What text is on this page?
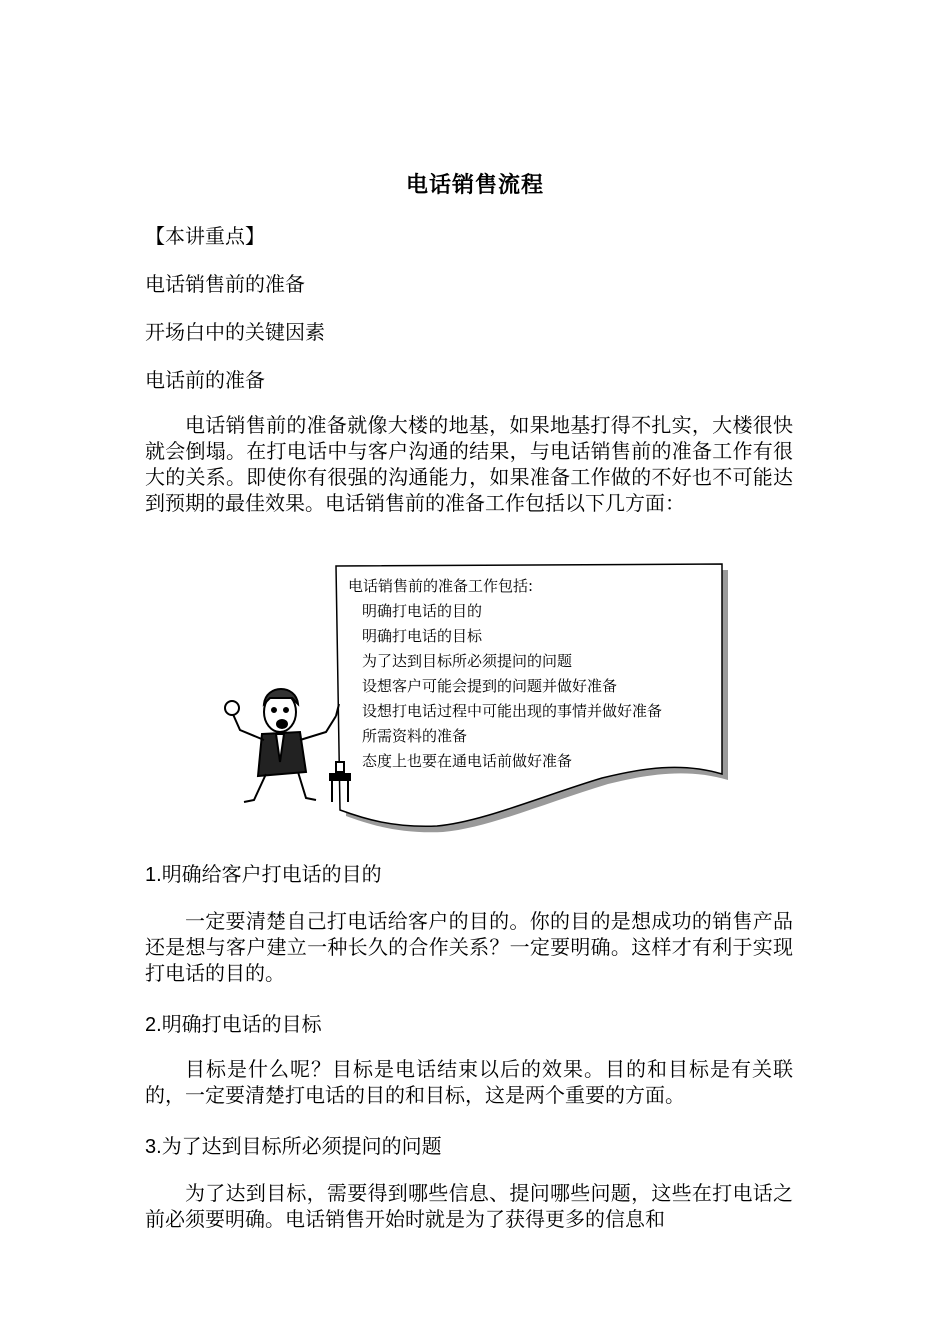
电话销售流程

【本讲重点】

电话销售前的准备

开场白中的关键因素

电话前的准备

电话销售前的准备就像大楼的地基，如果地基打得不扎实，大楼很快就会倒塌。在打电话中与客户沟通的结果，与电话销售前的准备工作有很大的关系。即使你有很强的沟通能力，如果准备工作做的不好也不可能达到预期的最佳效果。电话销售前的准备工作包括以下几方面：

电话销售前的准备工作包括:
明确打电话的目的
明确打电话的目标
为了达到目标所必须提问的问题
设想客户可能会提到的问题并做好准备
设想打电话过程中可能出现的事情并做好准备
所需资料的准备
态度上也要在通电话前做好准备

1.明确给客户打电话的目的

一定要清楚自己打电话给客户的目的。你的目的是想成功的销售产品还是想与客户建立一种长久的合作关系？一定要明确。这样才有利于实现打电话的目的。

2.明确打电话的目标

目标是什么呢？目标是电话结束以后的效果。目的和目标是有关联的，一定要清楚打电话的目的和目标，这是两个重要的方面。

3.为了达到目标所必须提问的问题

为了达到目标，需要得到哪些信息、提问哪些问题，这些在打电话之前必须要明确。电话销售开始时就是为了获得更多的信息和
